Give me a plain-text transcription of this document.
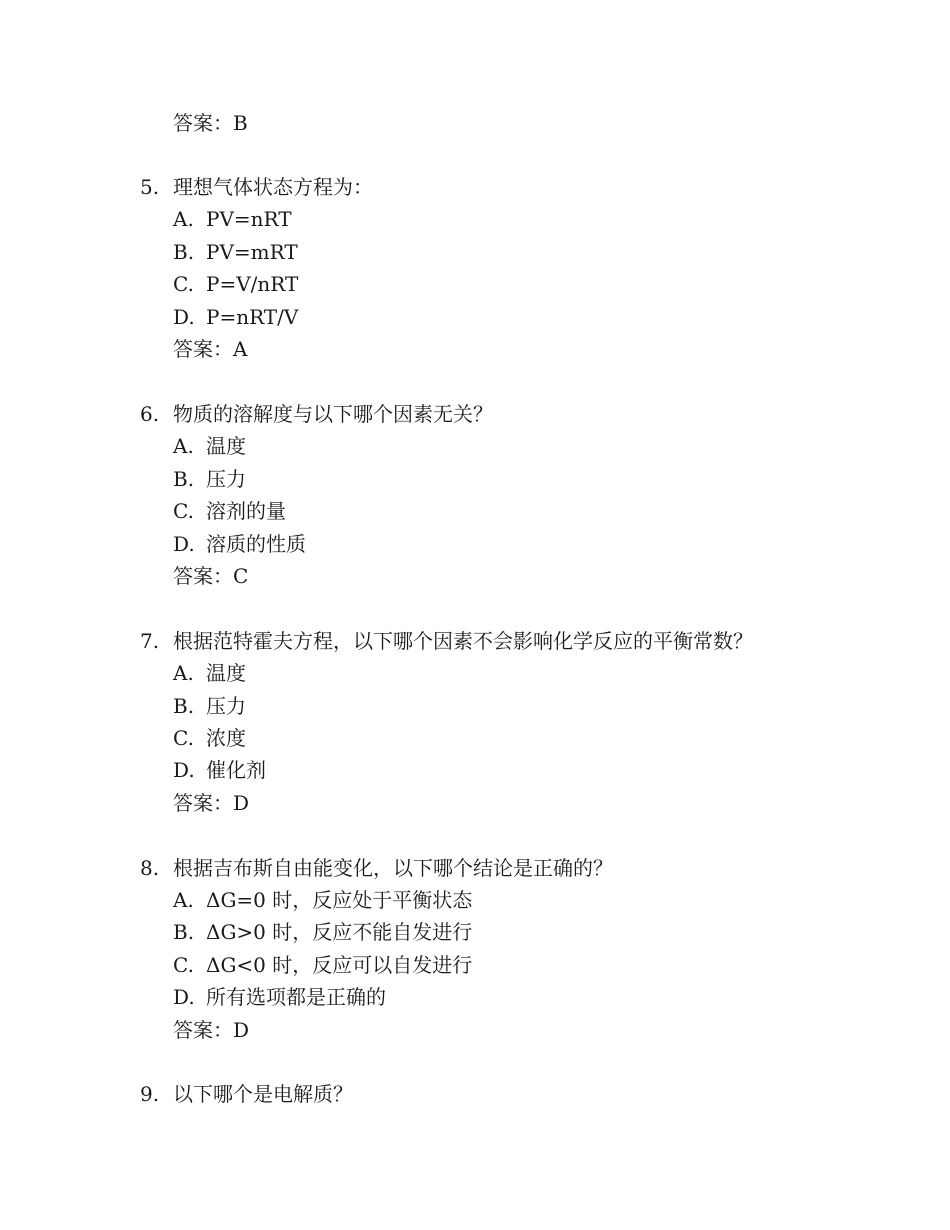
答案：B
5. 理想气体状态方程为：
A. PV=nRT
B. PV=mRT
C. P=V/nRT
D. P=nRT/V
答案：A
6. 物质的溶解度与以下哪个因素无关？
A. 温度
B. 压力
C. 溶剂的量
D. 溶质的性质
答案：C
7. 根据范特霍夫方程，以下哪个因素不会影响化学反应的平衡常数？
A. 温度
B. 压力
C. 浓度
D. 催化剂
答案：D
8. 根据吉布斯自由能变化，以下哪个结论是正确的？
A. ΔG=0 时，反应处于平衡状态
B. ΔG>0 时，反应不能自发进行
C. ΔG<0 时，反应可以自发进行
D. 所有选项都是正确的
答案：D
9. 以下哪个是电解质？
